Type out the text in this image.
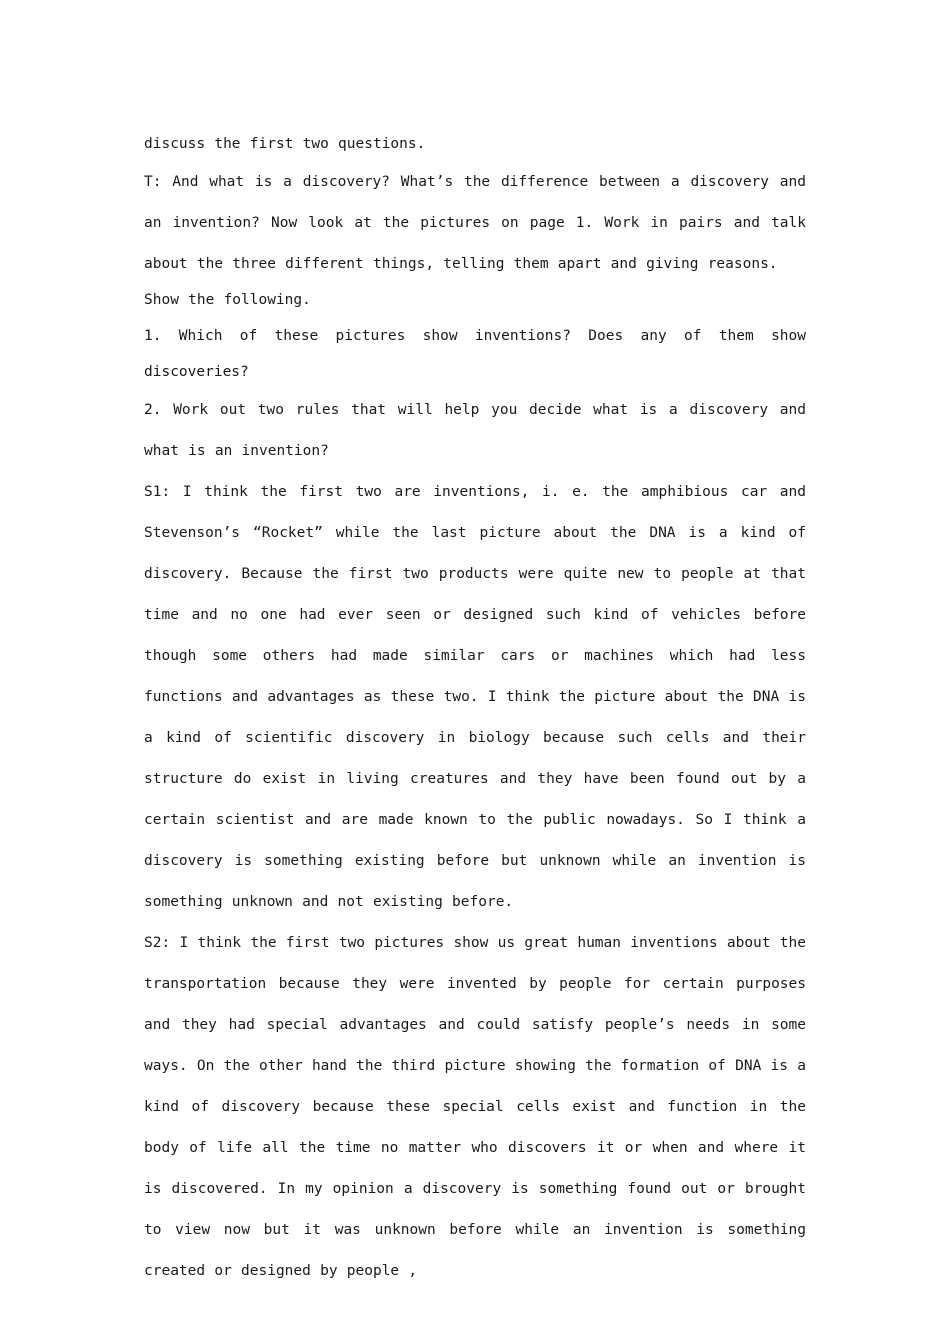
discuss the first two questions.

T: And what is a discovery? What’s the difference between a discovery and an invention? Now look at the pictures on page 1. Work in pairs and talk about the three different things, telling them apart and giving reasons.

Show the following.

1. Which of these pictures show inventions? Does any of them show discoveries?

2. Work out two rules that will help you decide what is a discovery and what is an invention?

S1: I think the first two are inventions, i. e. the amphibious car and Stevenson’s “Rocket” while the last picture about the DNA is a kind of discovery. Because the first two products were quite new to people at that time and no one had ever seen or designed such kind of vehicles before though some others had made similar cars or machines which had less functions and advantages as these two. I think the picture about the DNA is a kind of scientific discovery in biology because such cells and their structure do exist in living creatures and they have been found out by a certain scientist and are made known to the public nowadays. So I think a discovery is something existing before but unknown while an invention is something unknown and not existing before.

S2: I think the first two pictures show us great human inventions about the transportation because they were invented by people for certain purposes and they had special advantages and could satisfy people’s needs in some ways. On the other hand the third picture showing the formation of DNA is a kind of discovery because these special cells exist and function in the body of life all the time no matter who discovers it or when and where it is discovered. In my opinion a discovery is something found out or brought to view now but it was unknown before while an invention is something created or designed by people ,
